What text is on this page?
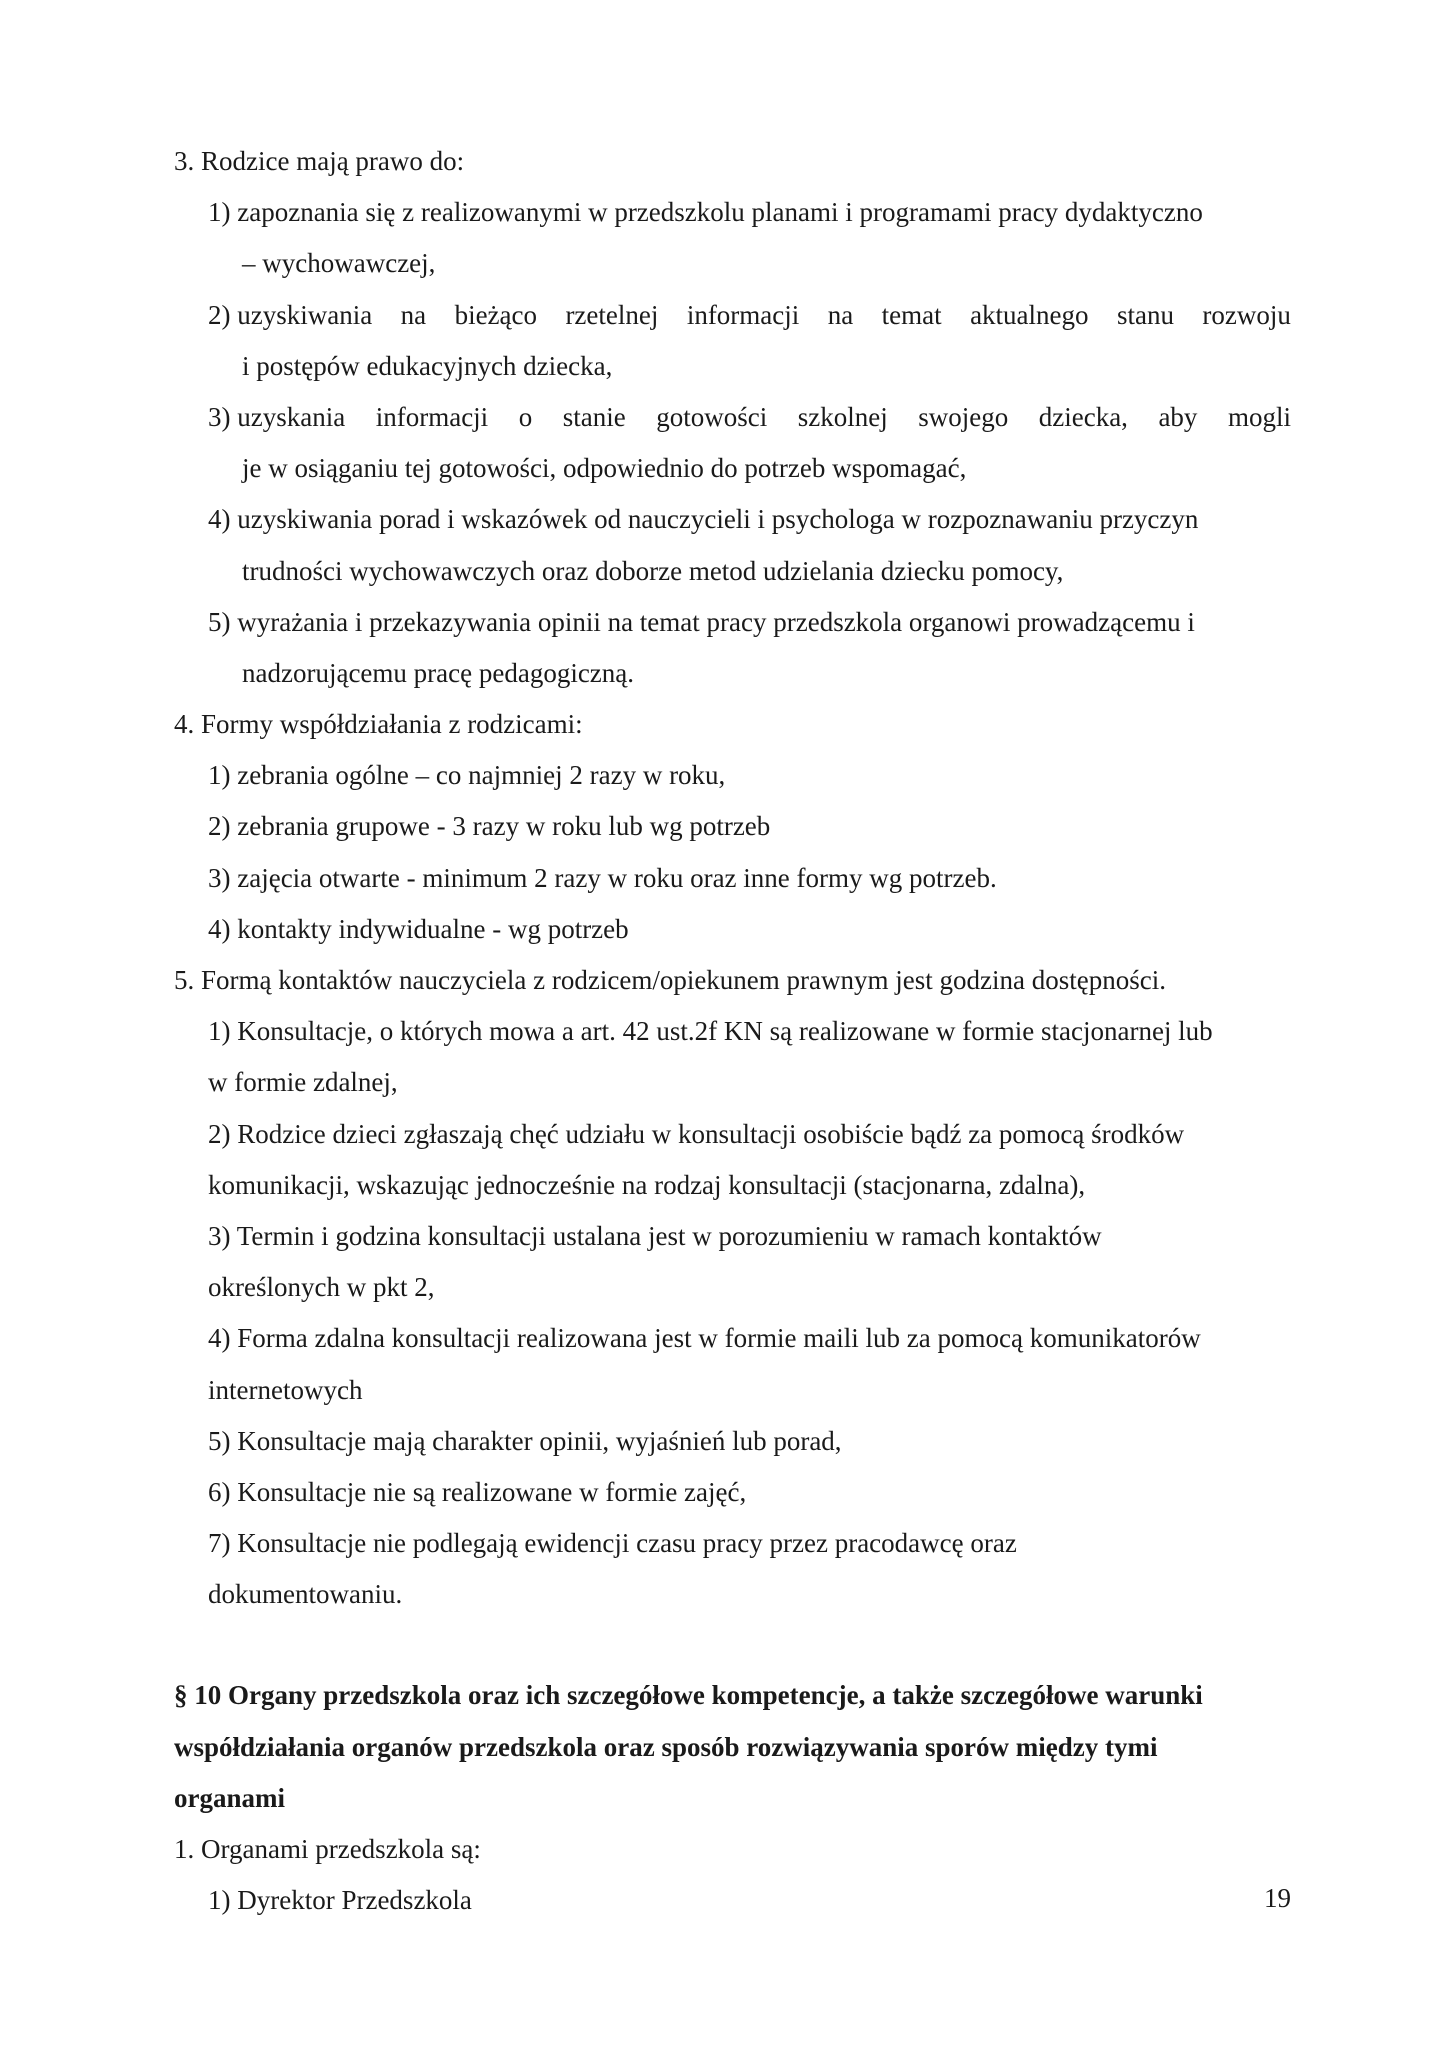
3. Rodzice mają prawo do:
1) zapoznania się z realizowanymi w przedszkolu planami i programami pracy dydaktyczno
– wychowawczej,
2) uzyskiwania na bieżąco rzetelnej informacji na temat aktualnego stanu rozwoju
i postępów edukacyjnych dziecka,
3) uzyskania informacji o stanie gotowości szkolnej swojego dziecka, aby mogli
je w osiąganiu tej gotowości, odpowiednio do potrzeb wspomagać,
4) uzyskiwania porad i wskazówek od nauczycieli i psychologa w rozpoznawaniu przyczyn
trudności wychowawczych oraz doborze metod udzielania dziecku pomocy,
5) wyrażania i przekazywania opinii na temat pracy przedszkola organowi prowadzącemu i
nadzorującemu pracę pedagogiczną.
4. Formy współdziałania z rodzicami:
1) zebrania ogólne – co najmniej 2 razy w roku,
2) zebrania grupowe - 3 razy w roku lub wg potrzeb
3) zajęcia otwarte - minimum 2 razy w roku oraz inne formy wg potrzeb.
4) kontakty indywidualne - wg potrzeb
5. Formą kontaktów nauczyciela z rodzicem/opiekunem prawnym jest godzina dostępności.
1) Konsultacje, o których mowa a art. 42 ust.2f KN są realizowane w formie stacjonarnej lub
w formie zdalnej,
2) Rodzice dzieci zgłaszają chęć udziału w konsultacji osobiście bądź za pomocą środków
komunikacji, wskazując jednocześnie na rodzaj konsultacji (stacjonarna, zdalna),
3) Termin i godzina konsultacji ustalana jest w porozumieniu w ramach kontaktów
określonych w pkt 2,
4) Forma zdalna konsultacji realizowana jest w formie maili lub za pomocą komunikatorów
internetowych
5) Konsultacje mają charakter opinii, wyjaśnień lub porad,
6) Konsultacje nie są realizowane w formie zajęć,
7) Konsultacje nie podlegają ewidencji czasu pracy przez pracodawcę oraz
dokumentowaniu.
§ 10 Organy przedszkola oraz ich szczegółowe kompetencje, a także szczegółowe warunki
współdziałania organów przedszkola oraz sposób rozwiązywania sporów między tymi
organami
1. Organami przedszkola są:
1) Dyrektor Przedszkola	19
